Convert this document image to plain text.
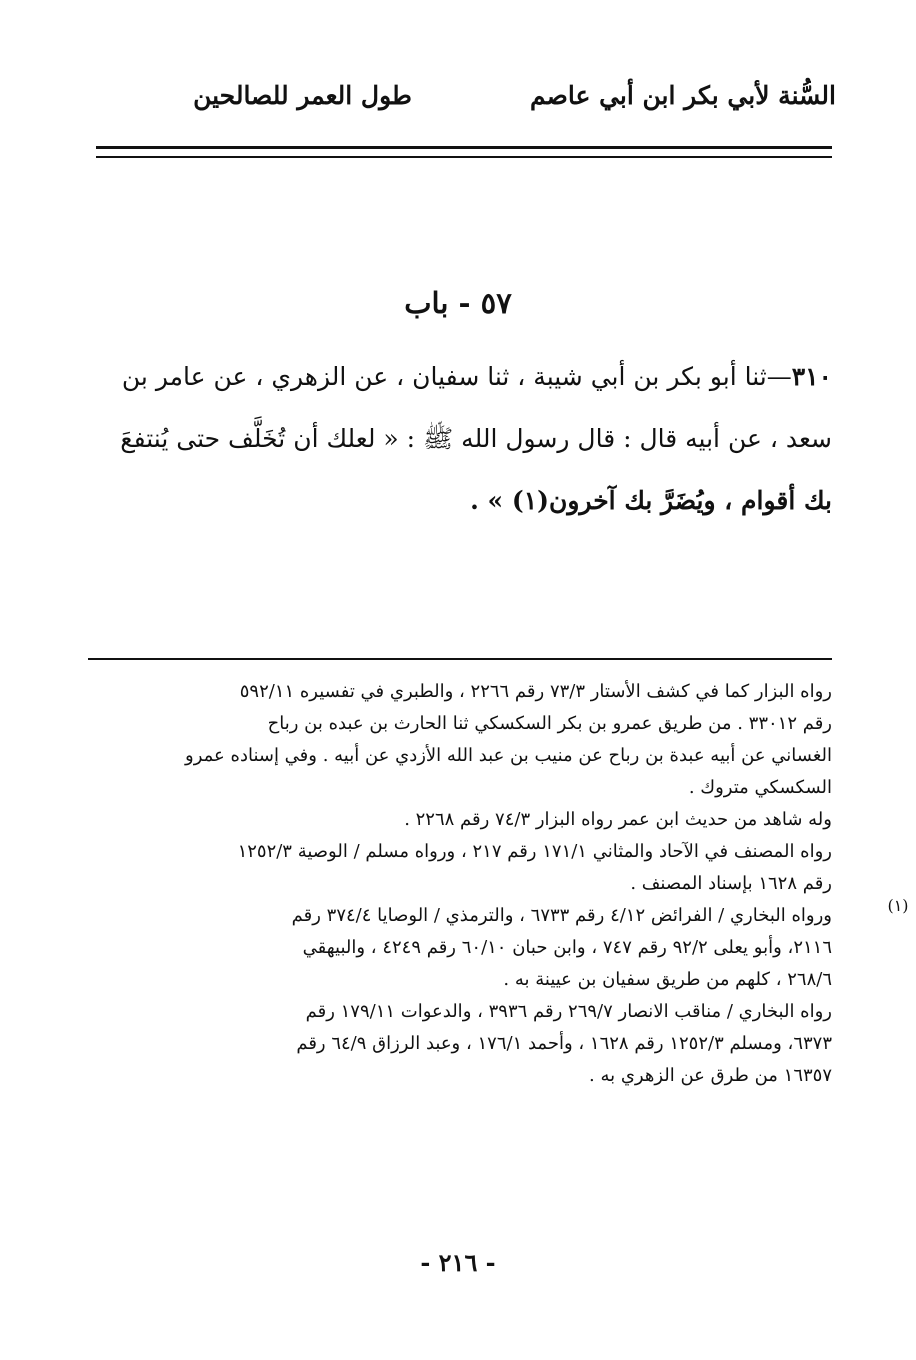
السُّنة لأبي بكر ابن أبي عاصم
طول العمر للصالحين
٥٧ - باب
٣١٠—ثنا أبو بكر بن أبي شيبة ، ثنا سفيان ، عن الزهري ، عن عامر بن
سعد ، عن أبيه قال : قال رسول الله ﷺ : « لعلك أن تُخَلَّف حتى يُنتفعَ
بك أقوام ، ويُضَرَّ بك آخرون(١) » .
رواه البزار كما في كشف الأستار ٧٣/٣ رقم ٢٢٦٦ ، والطبري في تفسيره ٥٩٢/١١
رقم ٣٣٠١٢ . من طريق عمرو بن بكر السكسكي ثنا الحارث بن عبده بن رباح
الغساني عن أبيه عبدة بن رباح عن منيب بن عبد الله الأزدي عن أبيه . وفي إسناده عمرو
السكسكي متروك .
وله شاهد من حديث ابن عمر رواه البزار ٧٤/٣ رقم ٢٢٦٨ .
رواه المصنف في الآحاد والمثاني ١٧١/١ رقم ٢١٧ ، ورواه مسلم / الوصية ١٢٥٢/٣
رقم ١٦٢٨ بإسناد المصنف .
ورواه البخاري / الفرائض ٤/١٢ رقم ٦٧٣٣ ، والترمذي / الوصايا ٣٧٤/٤ رقم
٢١١٦، وأبو يعلى ٩٢/٢ رقم ٧٤٧ ، وابن حبان ٦٠/١٠ رقم ٤٢٤٩ ، والبيهقي
٢٦٨/٦ ، كلهم من طريق سفيان بن عيينة به .
رواه البخاري / مناقب الانصار ٢٦٩/٧ رقم ٣٩٣٦ ، والدعوات ١٧٩/١١ رقم
٦٣٧٣، ومسلم ١٢٥٢/٣ رقم ١٦٢٨ ، وأحمد ١٧٦/١ ، وعبد الرزاق ٦٤/٩ رقم
١٦٣٥٧ من طرق عن الزهري به .
(١)
- ٢١٦ -
